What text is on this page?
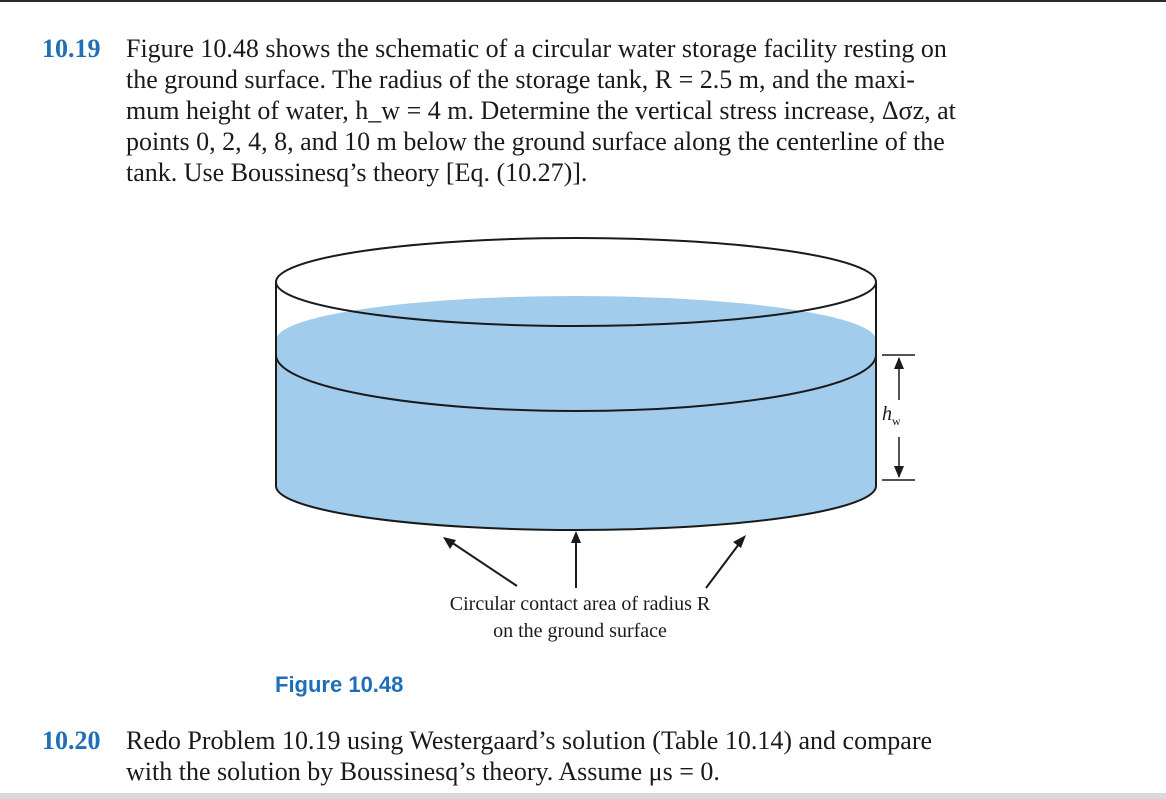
10.19 Figure 10.48 shows the schematic of a circular water storage facility resting on
the ground surface. The radius of the storage tank, R = 2.5 m, and the maxi-
mum height of water, h_w = 4 m. Determine the vertical stress increase, Δσz, at
points 0, 2, 4, 8, and 10 m below the ground surface along the centerline of the
tank. Use Boussinesq’s theory [Eq. (10.27)].
$h_w$
Circular contact area of radius R
on the ground surface
Figure 10.48
10.20 Redo Problem 10.19 using Westergaard’s solution (Table 10.14) and compare
with the solution by Boussinesq’s theory. Assume μs = 0.
